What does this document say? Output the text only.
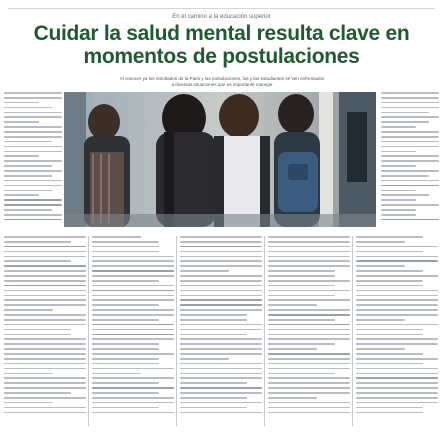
En el camino a la educación superior
Cuidar la salud mental resulta clave en
momentos de postulaciones
Al conocer ya los resultados de la Paes y las postulaciones, los y las estudiantes se ven enfrentados
a diversas situaciones que es importante manejar
